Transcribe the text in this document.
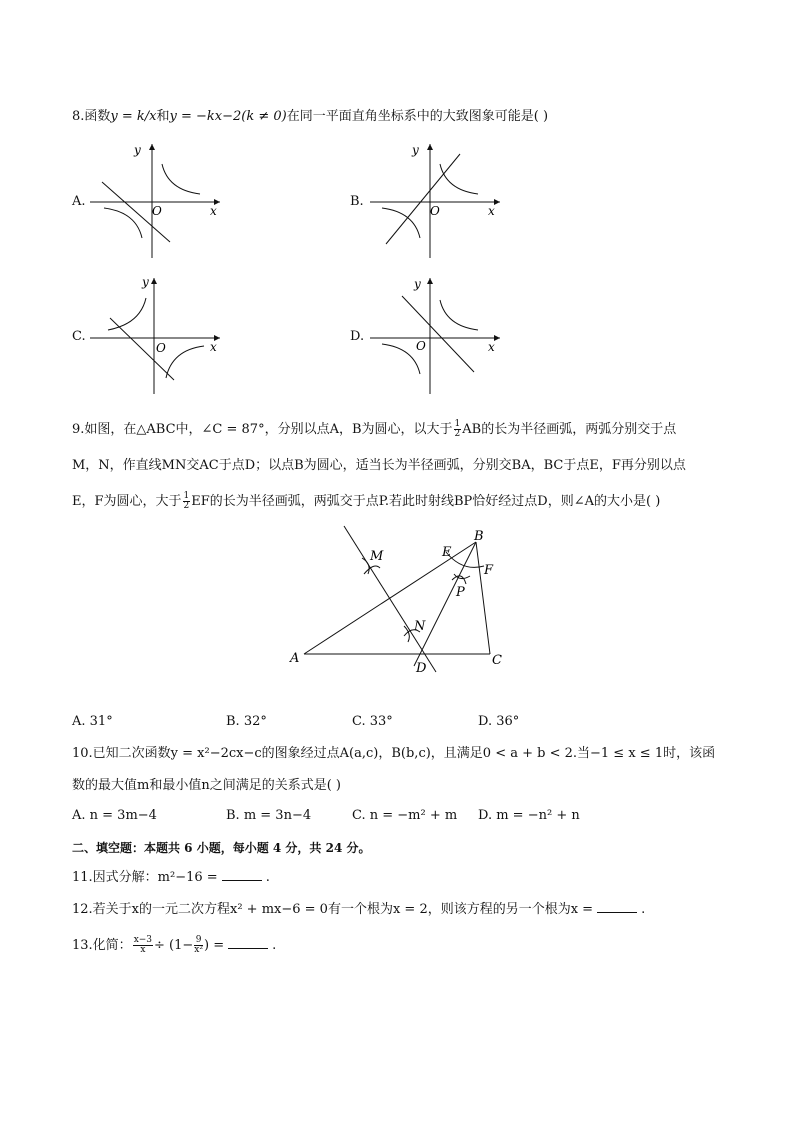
8.函数y = k/x和y = −kx−2(k ≠ 0)在同一平面直角坐标系中的大致图象可能是( )
A.
y
x
O
B.
y
x
O
C.
y
x
O
D.
y
x
O
9.如图，在△ABC中，∠C = 87°，分别以点A，B为圆心，以大于 $\frac{1}{2}$ AB的长为半径画弧，两弧分别交于点
M，N，作直线MN交AC于点D；以点B为圆心，适当长为半径画弧，分别交BA，BC于点E，F再分别以点
E，F为圆心，大于 $\frac{1}{2}$ EF的长为半径画弧，两弧交于点P.若此时射线BP恰好经过点D，则∠A的大小是( )
A
B
C
D
E
F
M
N
P
A. 31°	B. 32°	C. 33°	D. 36°
10.已知二次函数y = x²−2cx−c的图象经过点A(a,c)，B(b,c)，且满足0 < a + b < 2.当−1 ≤ x ≤ 1时，该函
数的最大值m和最小值n之间满足的关系式是( )
A. n = 3m−4	B. m = 3n−4	C. n = −m² + m D. m = −n² + n
二、填空题：本题共 6 小题，每小题 4 分，共 24 分。
11.因式分解：m²−16 =	.
12.若关于x的一元二次方程x² + mx−6 = 0有一个根为x = 2，则该方程的另一个根为x =	.
13.化简： $\frac{x-3}{x} \div (1- \frac{9}{\text{x²}}$ ) =	.
